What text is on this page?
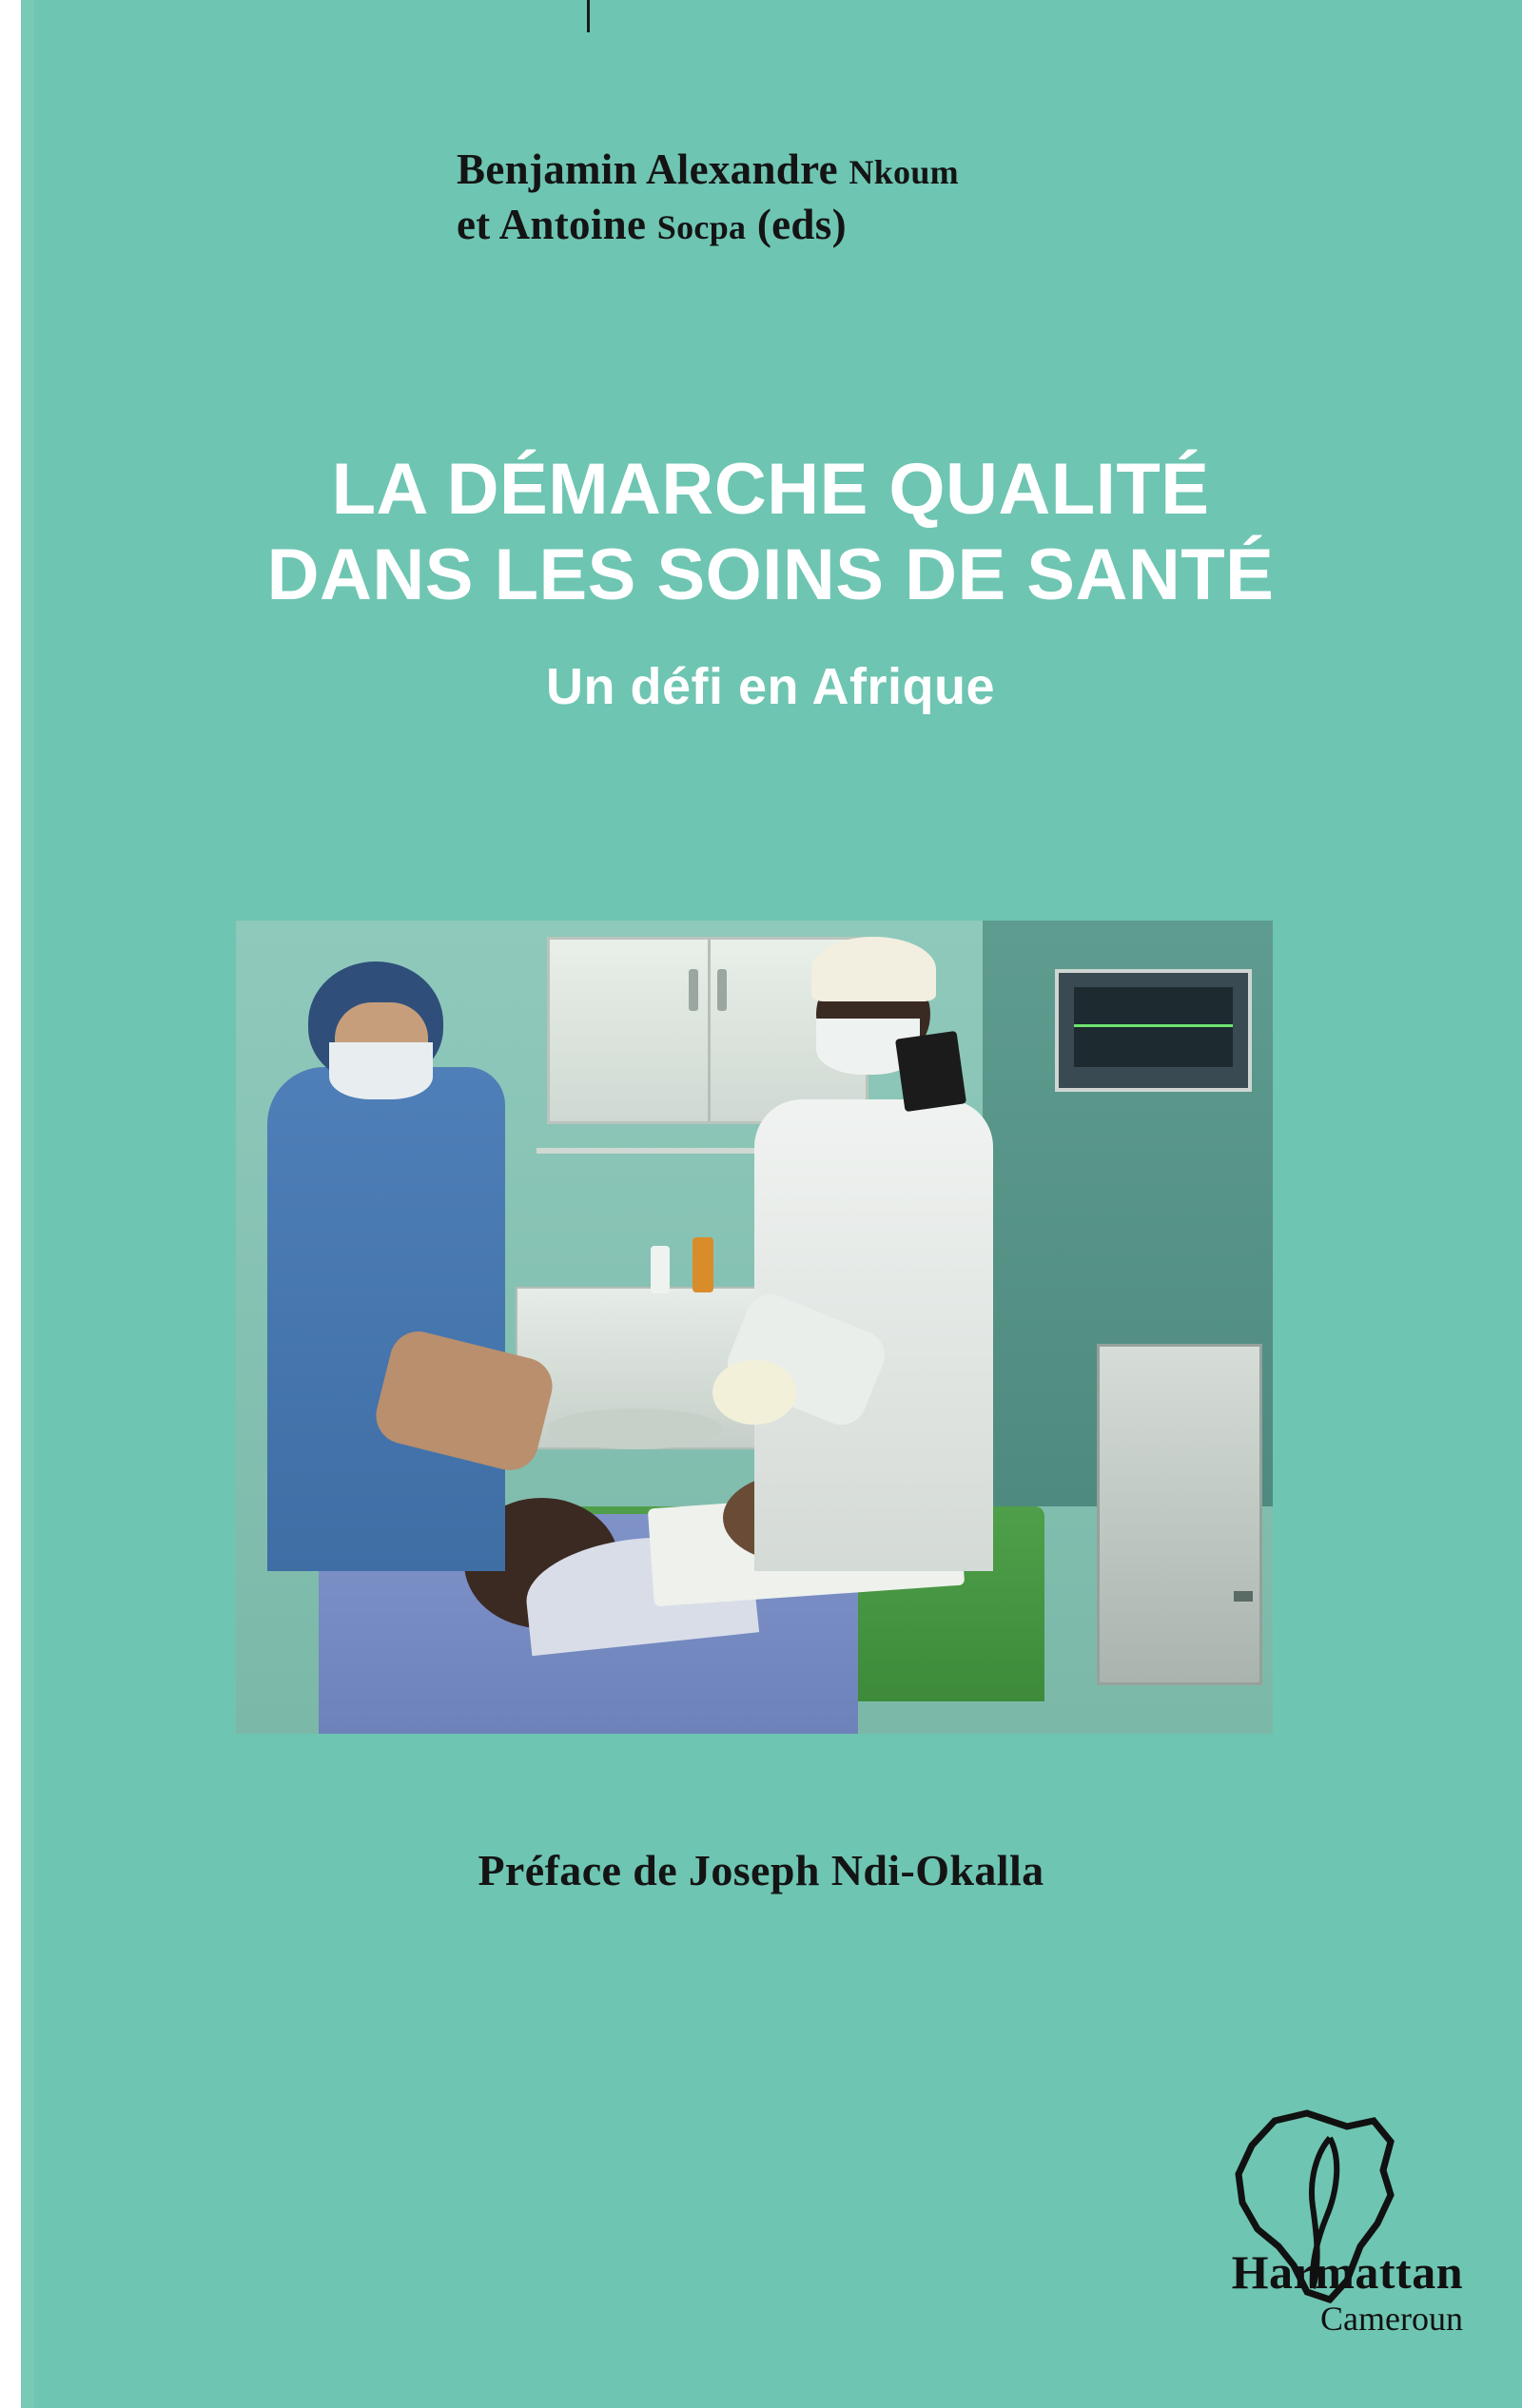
Benjamin Alexandre Nkoum
et Antoine Socpa (eds)
LA DÉMARCHE QUALITÉ
DANS LES SOINS DE SANTÉ
Un défi en Afrique
Préface de Joseph Ndi-Okalla
Harmattan
Cameroun
